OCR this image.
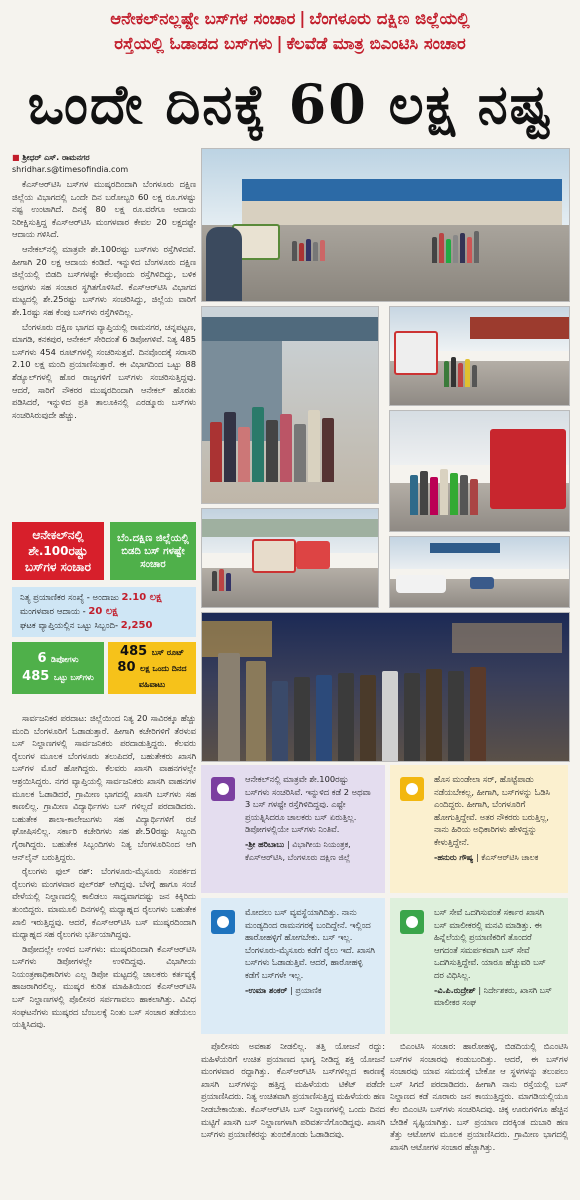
ಆನೇಕಲ್‌ನಲ್ಲಷ್ಟೇ ಬಸ್‌ಗಳ ಸಂಚಾರ | ಬೆಂಗಳೂರು ದಕ್ಷಿಣ ಜಿಲ್ಲೆಯಲ್ಲಿ
ರಸ್ತೆಯಲ್ಲಿ ಓಡಾಡದ ಬಸ್‌ಗಳು | ಕೆಲವೆಡೆ ಮಾತ್ರ ಬಿಎಂಟಿಸಿ ಸಂಚಾರ
ಒಂದೇ ದಿನಕ್ಕೆ 60 ಲಕ್ಷ ನಷ್ಟ
■ ಶ್ರೀಧರ್ ಎಸ್. ರಾಮನಗರ
shridhar.s@timesofindia.com

ಕೆಎಸ್ಆರ್‌ಟಿಸಿ ಬಸ್‌ಗಳ ಮುಷ್ಕರದಿಂದಾಗಿ ಬೆಂಗಳೂರು ದಕ್ಷಿಣ ಜಿಲ್ಲೆಯ ವಿಭಾಗದಲ್ಲಿ ಒಂದೇ ದಿನ ಬರೋಬ್ಬರಿ 60 ಲಕ್ಷ ರೂ.ಗಳಷ್ಟು ನಷ್ಟ ಉಂಟಾಗಿದೆ. ದಿನಕ್ಕೆ 80 ಲಕ್ಷ ರೂ.ವರೆಗೂ ಆದಾಯ ನಿರೀಕ್ಷಿಸುತ್ತಿದ್ದ ಕೆಎಸ್ಆರ್‌ಟಿಸಿ ಮಂಗಳವಾರ ಕೇವಲ 20 ಲಕ್ಷದಷ್ಟೇ ಆದಾಯ ಗಳಿಸಿದೆ.

ಆನೇಕಲ್‌ನಲ್ಲಿ ಮಾತ್ರವೇ ಶೇ.100ರಷ್ಟು ಬಸ್‌ಗಳು ರಸ್ತೆಗಿಳಿದವೆ. ಹೀಗಾಗಿ 20 ಲಕ್ಷ ಆದಾಯ ಕಂಡಿದೆ. ಇನ್ನುಳಿದ ಬೆಂಗಳೂರು ದಕ್ಷಿಣ ಜಿಲ್ಲೆಯಲ್ಲಿ ಬಿಡದಿ ಬಸ್‌ಗಳಷ್ಟೇ ಕೆಲವೊಂದು ರಸ್ತೆಗಿಳಿದಿದ್ದು, ಬಳಿಕ ಅವುಗಳು ಸಹ ಸಂಚಾರ ಸ್ಥಗಿತಗೊಳಿಸಿವೆ. ಕೆಎಸ್ಆರ್‌ಟಿಸಿ ವಿಭಾಗದ ಮಟ್ಟದಲ್ಲಿ ಶೇ.25ರಷ್ಟು ಬಸ್‌ಗಳು ಸಂಚರಿಸಿದ್ದು, ಜಿಲ್ಲೆಯ ವಾರಿಗೆ ಶೇ.1ರಷ್ಟು ಸಹ ಕೆಂಪು ಬಸ್‌ಗಳು ರಸ್ತೆಗಿಳಿದಿಲ್ಲ.

ಬೆಂಗಳೂರು ದಕ್ಷಿಣ ಭಾಗದ ವ್ಯಾಪ್ತಿಯಲ್ಲಿ ರಾಮನಗರ, ಚನ್ನಪಟ್ಟಣ, ಮಾಗಡಿ, ಕನಕಪುರ, ಆನೇಕಲ್ ಸೇರಿದಂತೆ 6 ಡಿಪೋಗಳಿವೆ. ನಿತ್ಯ 485 ಬಸ್‌ಗಳು 454 ರೂಟ್‌ಗಳಲ್ಲಿ ಸಂಚರಿಸುತ್ತವೆ. ದಿನವೊಂದಕ್ಕೆ ಸರಾಸರಿ 2.10 ಲಕ್ಷ ಮಂದಿ ಪ್ರಯಾಣಿಸುತ್ತಾರೆ. ಈ ವಿಭಾಗದಿಂದ ಒಟ್ಟು 88 ಶೆಡ್ಯೂಲ್‌ಗಳಲ್ಲಿ ಹೊರ ರಾಜ್ಯಗಳಿಗೆ ಬಸ್‌ಗಳು ಸಂಚರಿಸುತ್ತಿದ್ದವು. ಆದರೆ, ಸಾರಿಗೆ ನೌಕರರ ಮುಷ್ಕರದಿಂದಾಗಿ ಆನೇಕಲ್ ಹೊರತು ಪಡಿಸಿದರೆ, ಇನ್ನುಳಿದ ಪ್ರತಿ ತಾಲೂಕಿನಲ್ಲಿ ಎರಡ್ಮೂರು ಬಸ್‌ಗಳು ಸಂಚರಿಸಿರುವುದೇ ಹೆಚ್ಚು.

ಆನೇಕಲ್‌ನಲ್ಲಿ ಶೇ.100ರಷ್ಟು ಬಸ್‌ಗಳ ಸಂಚಾರ
ಬೆಂ.ದಕ್ಷಿಣ ಜಿಲ್ಲೆಯಲ್ಲಿ ಬಿಡದಿ ಬಸ್ ಗಳಷ್ಟೇ ಸಂಚಾರ
ನಿತ್ಯ ಪ್ರಯಾಣಿಕರ ಸಂಖ್ಯೆ - ಅಂದಾಜು 2.10 ಲಕ್ಷ
ಮಂಗಳವಾರ ಆದಾಯ - 20 ಲಕ್ಷ
ಘಟಕ ವ್ಯಾಪ್ತಿಯಲ್ಲಿನ ಒಟ್ಟು ಸಿಬ್ಬಂದಿ- 2,250
6 ಡಿಪೋಗಳು
485 ಒಟ್ಟು ಬಸ್‌ಗಳು
485 ಬಸ್ ರೂಟ್
80 ಲಕ್ಷ ಒಂದು ದಿನದ ವಹಿವಾಟು

ಸಾರ್ವಜನಿಕರ ಪರದಾಟ: ಜಿಲ್ಲೆಯಿಂದ ನಿತ್ಯ 20 ಸಾವಿರಕ್ಕೂ ಹೆಚ್ಚು ಮಂದಿ ಬೆಂಗಳೂರಿಗೆ ಓಡಾಡುತ್ತಾರೆ. ಹೀಗಾಗಿ ಕಚೇರಿಗಳಿಗೆ ತೆರಳುವ ಬಸ್ ನಿಲ್ದಾಣಗಳಲ್ಲಿ ಸಾರ್ವಜನಿಕರು ಪರದಾಡುತ್ತಿದ್ದರು. ಕೆಲವರು ರೈಲುಗಳ ಮೂಲಕ ಬೆಂಗಳೂರು ತಲುಪಿದರೆ, ಬಹುತೇಕರು ಖಾಸಗಿ ಬಸ್‌ಗಳ ಮೊರೆ ಹೋಗಿದ್ದರು. ಕೆಲವರು ಖಾಸಗಿ ವಾಹನಗಳಲ್ಲೇ ಆಶ್ರಯಿಸಿದ್ದರು. ನಗರ ವ್ಯಾಪ್ತಿಯಲ್ಲಿ ಸಾರ್ವಜನಿಕರು ಖಾಸಗಿ ವಾಹನಗಳ ಮೂಲಕ ಓಡಾಡಿದರೆ, ಗ್ರಾಮೀಣ ಭಾಗದಲ್ಲಿ ಖಾಸಗಿ ಬಸ್‌ಗಳು ಸಹ ಕಾಣಲಿಲ್ಲ. ಗ್ರಾಮೀಣ ವಿದ್ಯಾರ್ಥಿಗಳು ಬಸ್ ಗಳಿಲ್ಲದೆ ಪರದಾಡಿದರು. ಬಹುತೇಕ ಶಾಲಾ-ಕಾಲೇಜುಗಳು ಸಹ ವಿದ್ಯಾರ್ಥಿಗಳಿಗೆ ರಜೆ ಘೋಷಿಸಲಿಲ್ಲ. ಸರ್ಕಾರಿ ಕಚೇರಿಗಳು ಸಹ ಶೇ.50ರಷ್ಟು ಸಿಬ್ಬಂದಿ ಗೈರಾಗಿದ್ದರು. ಬಹುತೇಕ ಸಿಬ್ಬಂದಿಗಳು ನಿತ್ಯ ಬೆಂಗಳೂರಿನಿಂದ ಆಗಿ ಆನ್‌ಲೈನ್ ಬರುತ್ತಿದ್ದರು.

ರೈಲುಗಳು ಫುಲ್ ರಶ್: ಬೆಂಗಳೂರು-ಮೈಸೂರು ಸಂಪರ್ಕದ ರೈಲುಗಳು ಮಂಗಳವಾರ ಪುಲ್‌ರಶ್ ಆಗಿದ್ದವು. ಬೆಳಗ್ಗೆ ಹಾಗೂ ಸಂಜೆ ವೇಳೆಯಲ್ಲಿ ನಿಲ್ದಾಣದಲ್ಲಿ ಕಾಲಿಡಲು ಸಾಧ್ಯವಾಗದಷ್ಟು ಜನ ಕಿಕ್ಕಿರಿದು ತುಂಬಿದ್ದರು. ಮಾಮೂಲಿ ದಿನಗಳಲ್ಲಿ ಮಧ್ಯಾಹ್ನದ ರೈಲುಗಳು ಬಹುತೇಕ ಖಾಲಿ ಇರುತ್ತಿದ್ದವು. ಆದರೆ, ಕೆಎಸ್ಆರ್‌ಟಿಸಿ ಬಸ್ ಮುಷ್ಕರದಿಂದಾಗಿ ಮಧ್ಯಾಹ್ನದ ಸಹ ರೈಲುಗಳು ಭರ್ತಿಯಾಗಿದ್ದವು.

ಡಿಪೋದಲ್ಲೇ ಉಳಿದ ಬಸ್‌ಗಳು: ಮುಷ್ಕರದಿಂದಾಗಿ ಕೆಎಸ್ಆರ್‌ಟಿಸಿ ಬಸ್‌ಗಳು ಡಿಪೋಗಳಲ್ಲೇ ಉಳಿದಿದ್ದವು. ವಿಭಾಗೀಯ ನಿಯಂತ್ರಣಾಧಿಕಾರಿಗಳು ಎಲ್ಲ ಡಿಪೋ ಮಟ್ಟದಲ್ಲಿ ಚಾಲಕರು ಕರ್ತವ್ಯಕ್ಕೆ ಹಾಜರಾಗಿರಲಿಲ್ಲ. ಮುಷ್ಕರ ಕುರಿತ ಮಾಹಿತಿಯಿಂದ ಕೆಎಸ್ಆರ್‌ಟಿಸಿ ಬಸ್ ನಿಲ್ದಾಣಗಳಲ್ಲಿ ಪೊಲೀಸರ ಸರ್ಪಗಾವಲು ಹಾಕಲಾಗಿತ್ತು. ವಿವಿಧ ಸಂಘಟನೆಗಳು ಮುಷ್ಕರದ ಬೆಂಬಲಕ್ಕೆ ನಿಂತು ಬಸ್ ಸಂಚಾರ ತಡೆಯಲು ಯತ್ನಿಸಿದವು.

ಆನೇಕಲ್‌ನಲ್ಲಿ ಮಾತ್ರವೇ ಶೇ.100ರಷ್ಟು ಬಸ್‌ಗಳು ಸಂಚರಿಸಿವೆ. ಇನ್ನುಳಿದ ಕಡೆ 2 ಅಥವಾ 3 ಬಸ್ ಗಳಷ್ಟೇ ರಸ್ತೆಗಿಳಿದಿದ್ದವು. ಎಷ್ಟೇ ಪ್ರಯತ್ನಿಸಿದರೂ ಚಾಲಕರು ಬಸ್ ಏರುತ್ತಿಲ್ಲ. ಡಿಪೋಗಳಲ್ಲಿಯೇ ಬಸ್‌ಗಳು ನಿಂತಿವೆ.
-ಶ್ರೀ ಹರಿಬಾಬು | ವಿಭಾಗೀಯ ನಿಯಂತ್ರಕ, ಕೆಎಸ್ಆರ್‌ಟಿಸಿ, ಬೆಂಗಳೂರು ದಕ್ಷಿಣ ಜಿಲ್ಲೆ
ಹೊಸ ಮಂಡೇಲಾ ಸರ್, ಹೊಟ್ಟೆಪಾಡು ನಡೆಯಬೇಕಲ್ಲ, ಹೀಗಾಗಿ, ಬಸ್‌ಗಳನ್ನು ಓಡಿಸಿ ಎಂದಿದ್ದರು. ಹೀಗಾಗಿ, ಬೆಂಗಳೂರಿಗೆ ಹೋಗುತ್ತಿದ್ದೇವೆ. ಅತರ ನೌಕರರು ಬರುತ್ತಿಲ್ಲ, ನಾನು ಹಿರಿಯ ಅಧಿಕಾರಿಗಳು ಹೇಳಿದ್ದನ್ನು ಕೇಳುತ್ತಿದ್ದೇನೆ.
-ಹನುರು ಗೌಷ್ಯ | ಕೆಎಸ್ಆರ್‌ಟಿಸಿ ಚಾಲಕ
ಮೋದಲು ಬಸ್ ವ್ಯವಸ್ಥೆಯಾಗಿದಿತ್ತು. ನಾನು ಮಂಡ್ಯದಿಂದ ರಾಮನಗರಕ್ಕೆ ಬಂದಿದ್ದೇನೆ. ಇಲ್ಲಿಂದ ಹಾರೋಹಳ್ಳಿಗೆ ಹೋಗಬೇಕು. ಬಸ್ ಇಲ್ಲ. ಬೆಂಗಳೂರು-ಮೈಸೂರು ಕಡೆಗೆ ರೈಲು ಇದೆ. ಖಾಸಗಿ ಬಸ್‌ಗಳು ಓಡಾಡುತ್ತಿವೆ. ಆದರೆ, ಹಾರೋಹಳ್ಳಿ ಕಡೆಗೆ ಬಸ್‌ಗಳೇ ಇಲ್ಲ.
-ಉಮಾ ಶಂಕರ್ | ಪ್ರಯಾಣಿಕ
ಬಸ್ ಸೇವೆ ಒದಗಿಸುವಂತೆ ಸರ್ಕಾರ ಖಾಸಗಿ ಬಸ್ ಮಾಲೀಕರಲ್ಲಿ ಮನವಿ ಮಾಡಿತ್ತು. ಈ ಹಿನ್ನೆಲೆಯಲ್ಲಿ ಪ್ರಯಾಣಿಕರಿಗೆ ತೊಂದರೆ ಆಗದಂತೆ ಸಮರ್ಪಕವಾಗಿ ಬಸ್ ಸೇವೆ ಒದಗಿಸುತ್ತಿದ್ದೇವೆ. ಯಾರೂ ಹೆಚ್ಚುವರಿ ಬಸ್ ದರ ವಿಧಿಸಿಲ್ಲ.
-ವಿ.ಪಿ.ರುದ್ರೇಶ್ | ನಿರ್ದೇಶಕರು, ಖಾಸಗಿ ಬಸ್ ಮಾಲೀಕರ ಸಂಘ

ಪೊಲೀಸರು ಅವಕಾಶ ನೀಡಲಿಲ್ಲ. ತತ್ತಿ ಯೋಜನೆ ರದ್ದು: ಮಹಿಳೆಯರಿಗೆ ಉಚಿತ ಪ್ರಯಾಣದ ಭಾಗ್ಯ ನೀಡಿದ್ದ ಶಕ್ತಿ ಯೋಜನೆ ಮಂಗಳವಾರ ರದ್ದಾಗಿತ್ತು. ಕೆಎಸ್ಆರ್‌ಟಿಸಿ ಬಸ್‌ಗಳಿಲ್ಲದ ಕಾರಣಕ್ಕೆ ಖಾಸಗಿ ಬಸ್‌ಗಳನ್ನು ಹತ್ತಿದ್ದ ಮಹಿಳೆಯರು ಟಿಕೆಟ್ ಪಡೆದೇ ಪ್ರಯಾಣಿಸಿದರು. ನಿತ್ಯ ಉಚಿತವಾಗಿ ಪ್ರಯಾಣಿಸುತ್ತಿದ್ದ ಮಹಿಳೆಯರು ಹಣ ನೀಡಬೇಕಾಯಿತು. ಕೆಎಸ್ಆರ್‌ಟಿಸಿ ಬಸ್ ನಿಲ್ದಾಣಗಳಲ್ಲಿ ಒಂದು ದಿನದ ಮಟ್ಟಿಗೆ ಖಾಸಗಿ ಬಸ್ ನಿಲ್ದಾಣಗಳಾಗಿ ಪರಿವರ್ತನೆಗೊಂಡಿದ್ದವು. ಖಾಸಗಿ ಬಸ್‌ಗಳು ಪ್ರಯಾಣಿಕರನ್ನು ತುಂಬಿಕೊಂಡು ಓಡಾಡಿದವು.

ಬಿಎಂಟಿಸಿ ಸಂಚಾರ: ಹಾರೋಹಳ್ಳಿ, ಬಿಡದಿಯಲ್ಲಿ ಬಿಎಂಟಿಸಿ ಬಸ್‌ಗಳ ಸಂಚಾರವು ಕಂಡುಬಂದಿತ್ತು. ಆದರೆ, ಈ ಬಸ್‌ಗಳ ಸಂಚಾರವು ಯಾವ ಸಮಯಕ್ಕೆ ಬೇಕೋ ಆ ಸ್ಥಳಗಳನ್ನು ತಲುಪಲು ಬಸ್ ಸಿಗದೆ ಪರದಾಡಿದರು. ಹೀಗಾಗಿ ನಾನು ರಸ್ತೆಯಲ್ಲಿ ಬಸ್ ನಿಲ್ದಾಣದ ಕಡೆ ನೂರಾರು ಜನ ಕಾಯುತ್ತಿದ್ದರು. ಮಾಗಡಿಯಲ್ಲಿಯೂ ಕೆಲ ಬಿಎಂಟಿಸಿ ಬಸ್‌ಗಳು ಸಂಚರಿಸಿದವು. ಚಿಕ್ಕ ಊರುಗಳಿಗೂ ಹೆಚ್ಚಿನ ಬೇಡಿಕೆ ಸೃಷ್ಟಿಯಾಗಿತ್ತು. ಬಸ್ ಪ್ರಯಾಣ ದರಕ್ಕಿಂತ ದುಬಾರಿ ಹಣ ತೆತ್ತು ಆಟೋಗಳ ಮೂಲಕ ಪ್ರಯಾಣಿಸಿದರು. ಗ್ರಾಮೀಣ ಭಾಗದಲ್ಲಿ ಖಾಸಗಿ ಆಟೋಗಳ ಸಂಚಾರ ಹೆಚ್ಚಾಗಿತ್ತು.
